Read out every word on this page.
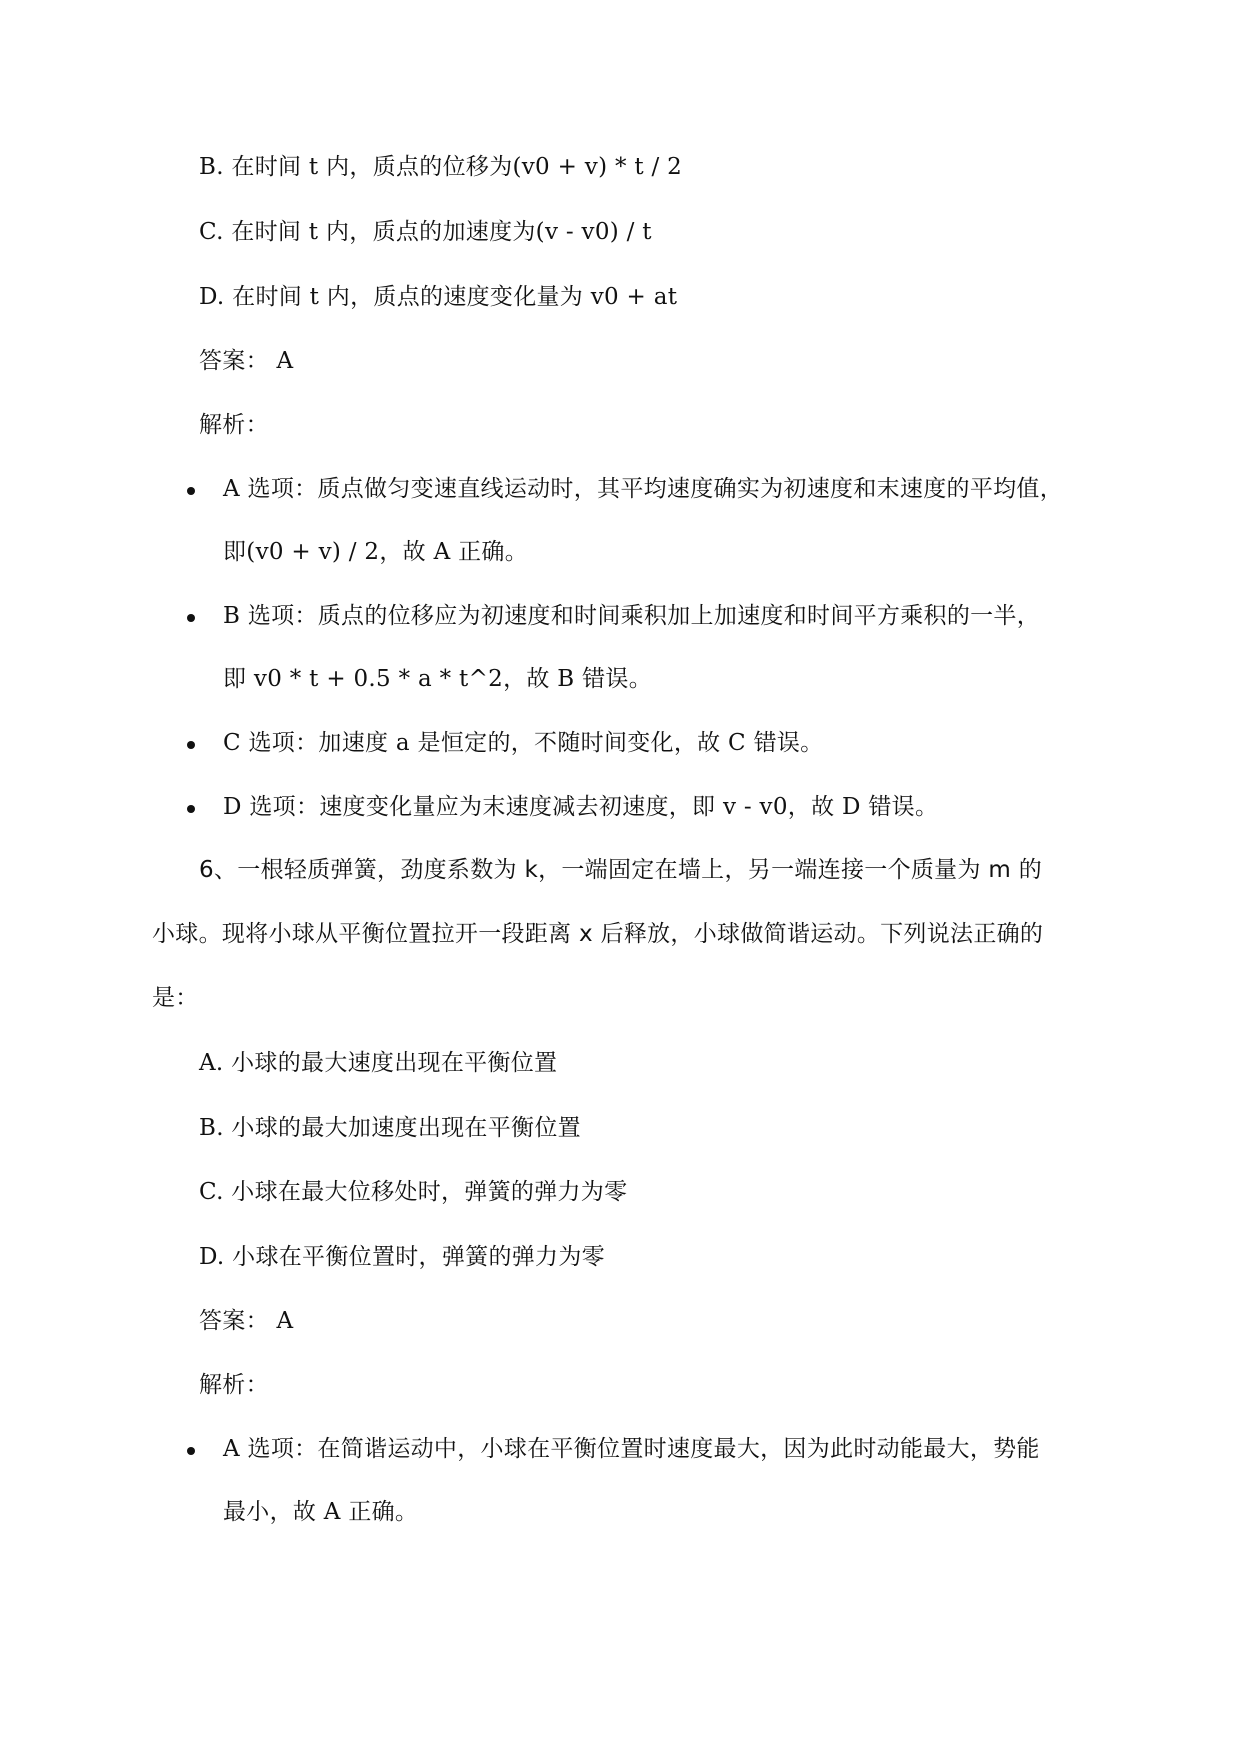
B. 在时间 t 内，质点的位移为(v0 + v) * t / 2
C. 在时间 t 内，质点的加速度为(v - v0) / t
D. 在时间 t 内，质点的速度变化量为 v0 + at
答案： A
解析：
A 选项：质点做匀变速直线运动时，其平均速度确实为初速度和末速度的平均值，
即(v0 + v) / 2，故 A 正确。
B 选项：质点的位移应为初速度和时间乘积加上加速度和时间平方乘积的一半，
即 v0 * t + 0.5 * a * t^2，故 B 错误。
C 选项：加速度 a 是恒定的，不随时间变化，故 C 错误。
D 选项：速度变化量应为末速度减去初速度，即 v - v0，故 D 错误。
6、一根轻质弹簧，劲度系数为 k，一端固定在墙上，另一端连接一个质量为 m 的
小球。现将小球从平衡位置拉开一段距离 x 后释放，小球做简谐运动。下列说法正确的
是：
A. 小球的最大速度出现在平衡位置
B. 小球的最大加速度出现在平衡位置
C. 小球在最大位移处时，弹簧的弹力为零
D. 小球在平衡位置时，弹簧的弹力为零
答案： A
解析：
A 选项：在简谐运动中，小球在平衡位置时速度最大，因为此时动能最大，势能
最小，故 A 正确。
